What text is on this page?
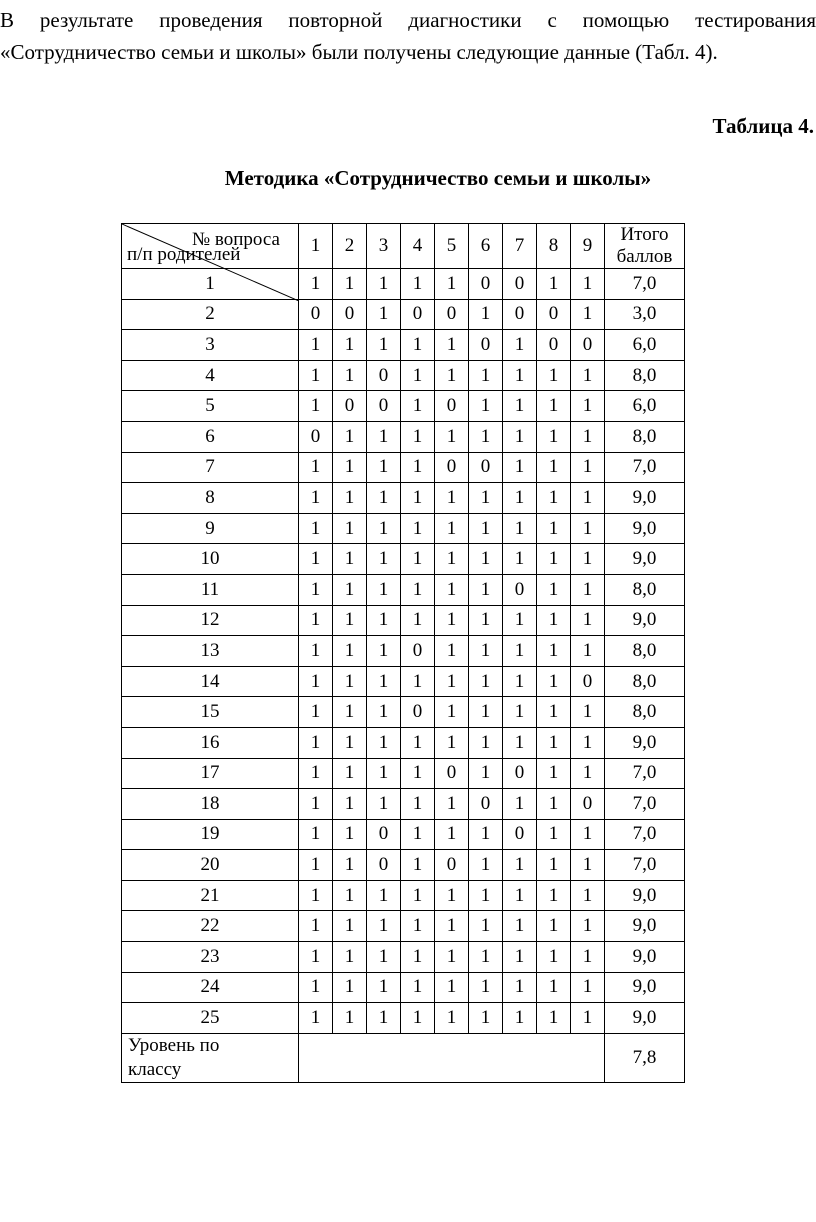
В результате проведения повторной диагностики с помощью тестирования «Сотрудничество семьи и школы» были получены следующие данные (Табл. 4).

Таблица 4.

Методика «Сотрудничество семьи и школы»

№ вопроса
п/п родителей	1	2	3	4	5	6	7	8	9	Итого
баллов
1	1	1	1	1	1	0	0	1	1	7,0
2	0	0	1	0	0	1	0	0	1	3,0
3	1	1	1	1	1	0	1	0	0	6,0
4	1	1	0	1	1	1	1	1	1	8,0
5	1	0	0	1	0	1	1	1	1	6,0
6	0	1	1	1	1	1	1	1	1	8,0
7	1	1	1	1	0	0	1	1	1	7,0
8	1	1	1	1	1	1	1	1	1	9,0
9	1	1	1	1	1	1	1	1	1	9,0
10	1	1	1	1	1	1	1	1	1	9,0
11	1	1	1	1	1	1	0	1	1	8,0
12	1	1	1	1	1	1	1	1	1	9,0
13	1	1	1	0	1	1	1	1	1	8,0
14	1	1	1	1	1	1	1	1	0	8,0
15	1	1	1	0	1	1	1	1	1	8,0
16	1	1	1	1	1	1	1	1	1	9,0
17	1	1	1	1	0	1	0	1	1	7,0
18	1	1	1	1	1	0	1	1	0	7,0
19	1	1	0	1	1	1	0	1	1	7,0
20	1	1	0	1	0	1	1	1	1	7,0
21	1	1	1	1	1	1	1	1	1	9,0
22	1	1	1	1	1	1	1	1	1	9,0
23	1	1	1	1	1	1	1	1	1	9,0
24	1	1	1	1	1	1	1	1	1	9,0
25	1	1	1	1	1	1	1	1	1	9,0
Уровень по
классу										7,8
